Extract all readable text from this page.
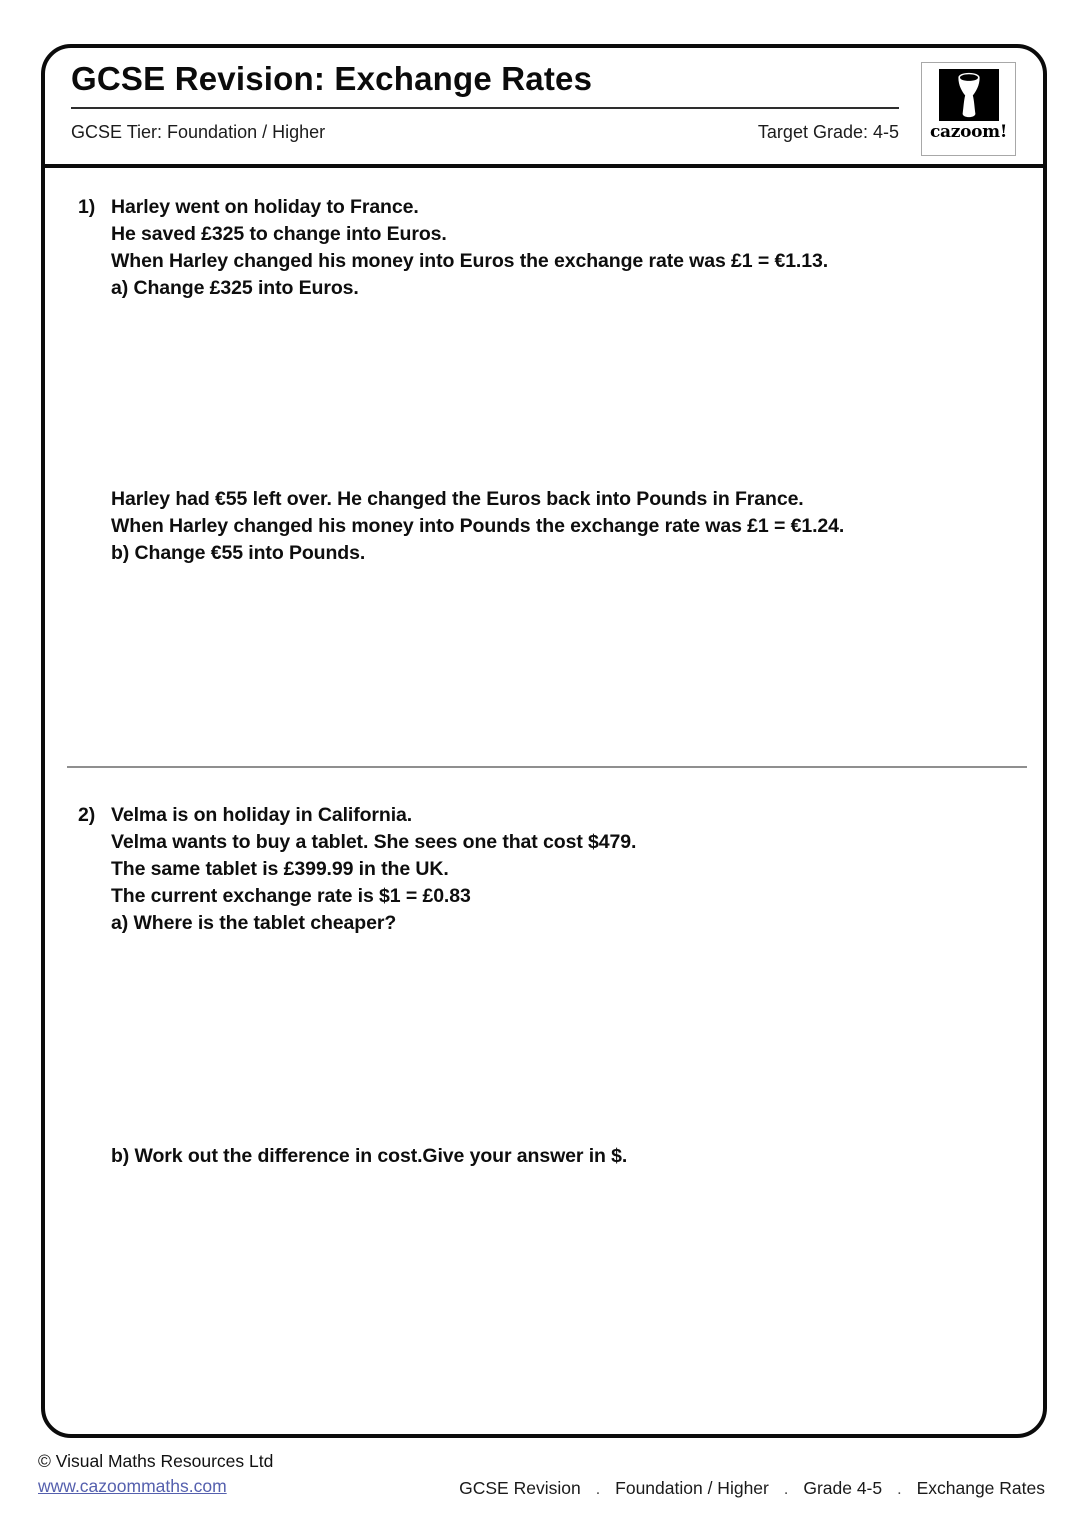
GCSE Revision: Exchange Rates
GCSE Tier: Foundation / Higher	Target Grade: 4-5 cazoom!
1) Harley went on holiday to France.
He saved £325 to change into Euros.
When Harley changed his money into Euros the exchange rate was £1 = €1.13.
a) Change £325 into Euros.
Harley had €55 left over. He changed the Euros back into Pounds in France.
When Harley changed his money into Pounds the exchange rate was £1 = €1.24.
b) Change €55 into Pounds.
2) Velma is on holiday in California.
Velma wants to buy a tablet. She sees one that cost $479.
The same tablet is £399.99 in the UK.
The current exchange rate is $1 = £0.83
a) Where is the tablet cheaper?
b) Work out the difference in cost.Give your answer in $.
© Visual Maths Resources Ltd
www.cazoommaths.com	GCSE Revision . Foundation / Higher . Grade 4-5 . Exchange Rates
